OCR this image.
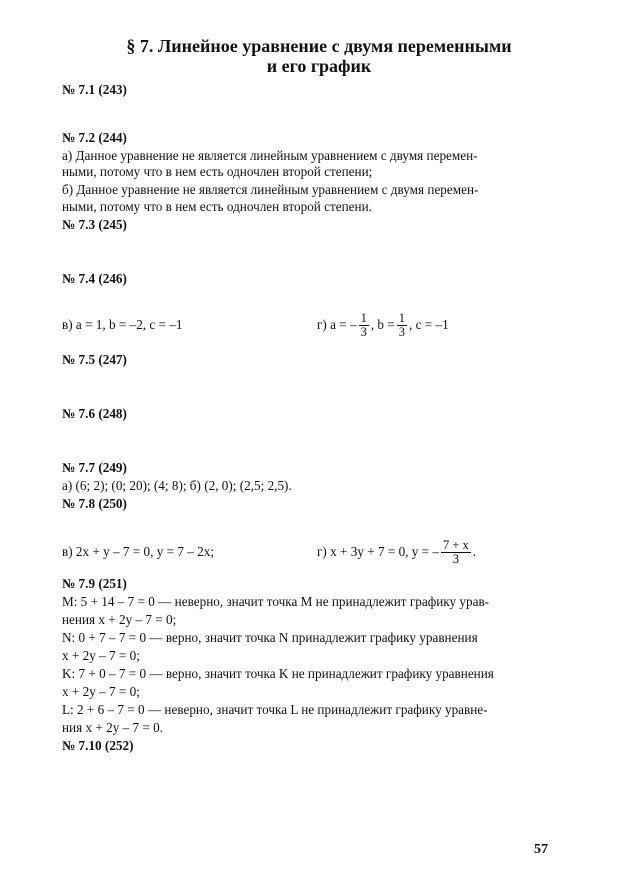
§ 7. Линейное уравнение с двумя переменными
и его график
№ 7.1 (243)
№ 7.2 (244)
а) Данное уравнение не является линейным уравнением с двумя перемен-
ными, потому что в нем есть одночлен второй степени;
б) Данное уравнение не является линейным уравнением с двумя перемен-
ными, потому что в нем есть одночлен второй степени.
№ 7.3 (245)
№ 7.4 (246)
в) a = 1, b = –2, c = –1	г) a = – $\frac{1}{3}$ , $b = \frac{1}{3}$ , c = –1
№ 7.5 (247)
№ 7.6 (248)
№ 7.7 (249)
а) (6; 2); (0; 20); (4; 8); б) (2, 0); (2,5; 2,5).
№ 7.8 (250)
в) 2x + y – 7 = 0, y = 7 – 2x;	г) x + 3y + 7 = 0, y = – $\frac{7 + x}{3}$ .
№ 7.9 (251)
M: 5 + 14 – 7 = 0 — неверно, значит точка M не принадлежит графику урав-
нения x + 2y – 7 = 0;
N: 0 + 7 – 7 = 0 — верно, значит точка N принадлежит графику уравнения
x + 2y – 7 = 0;
K: 7 + 0 – 7 = 0 — верно, значит точка K не принадлежит графику уравнения
x + 2y – 7 = 0;
L: 2 + 6 – 7 = 0 — неверно, значит точка L не принадлежит графику уравне-
ния x + 2y – 7 = 0.
№ 7.10 (252)
57
